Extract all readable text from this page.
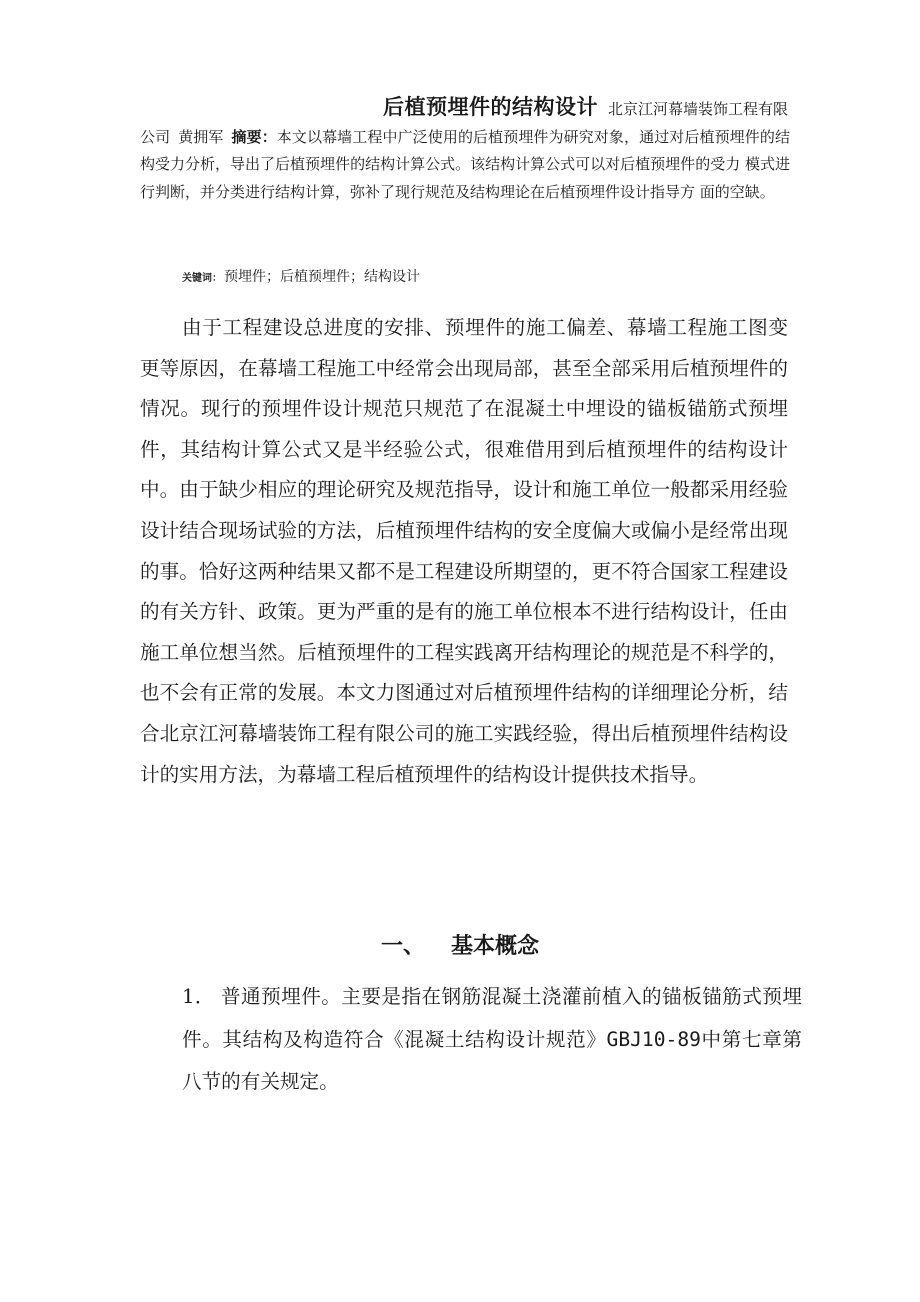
后植预埋件的结构设计 北京江河幕墙装饰工程有限
公司 黄拥军 摘要：本文以幕墙工程中广泛使用的后植预埋件为研究对象，通过对后植预埋件的结 构受力分析，导出了后植预埋件的结构计算公式。该结构计算公式可以对后植预埋件的受力 模式进行判断，并分类进行结构计算，弥补了现行规范及结构理论在后植预埋件设计指导方 面的空缺。
关键词： 预埋件；后植预埋件；结构设计

由于工程建设总进度的安排、预埋件的施工偏差、幕墙工程施工图变更等原因，在幕墙工程施工中经常会出现局部，甚至全部采用后植预埋件的情况。现行的预埋件设计规范只规范了在混凝土中埋设的锚板锚筋式预埋件，其结构计算公式又是半经验公式，很难借用到后植预埋件的结构设计中。由于缺少相应的理论研究及规范指导，设计和施工单位一般都采用经验设计结合现场试验的方法，后植预埋件结构的安全度偏大或偏小是经常出现的事。恰好这两种结果又都不是工程建设所期望的，更不符合国家工程建设的有关方针、政策。更为严重的是有的施工单位根本不进行结构设计，任由施工单位想当然。后植预埋件的工程实践离开结构理论的规范是不科学的，也不会有正常的发展。本文力图通过对后植预埋件结构的详细理论分析，结合北京江河幕墙装饰工程有限公司的施工实践经验，得出后植预埋件结构设计的实用方法，为幕墙工程后植预埋件的结构设计提供技术指导。

一、 基本概念

1． 普通预埋件。主要是指在钢筋混凝土浇灌前植入的锚板锚筋式预埋件。其结构及构造符合《混凝土结构设计规范》GBJ10-89中第七章第八节的有关规定。
